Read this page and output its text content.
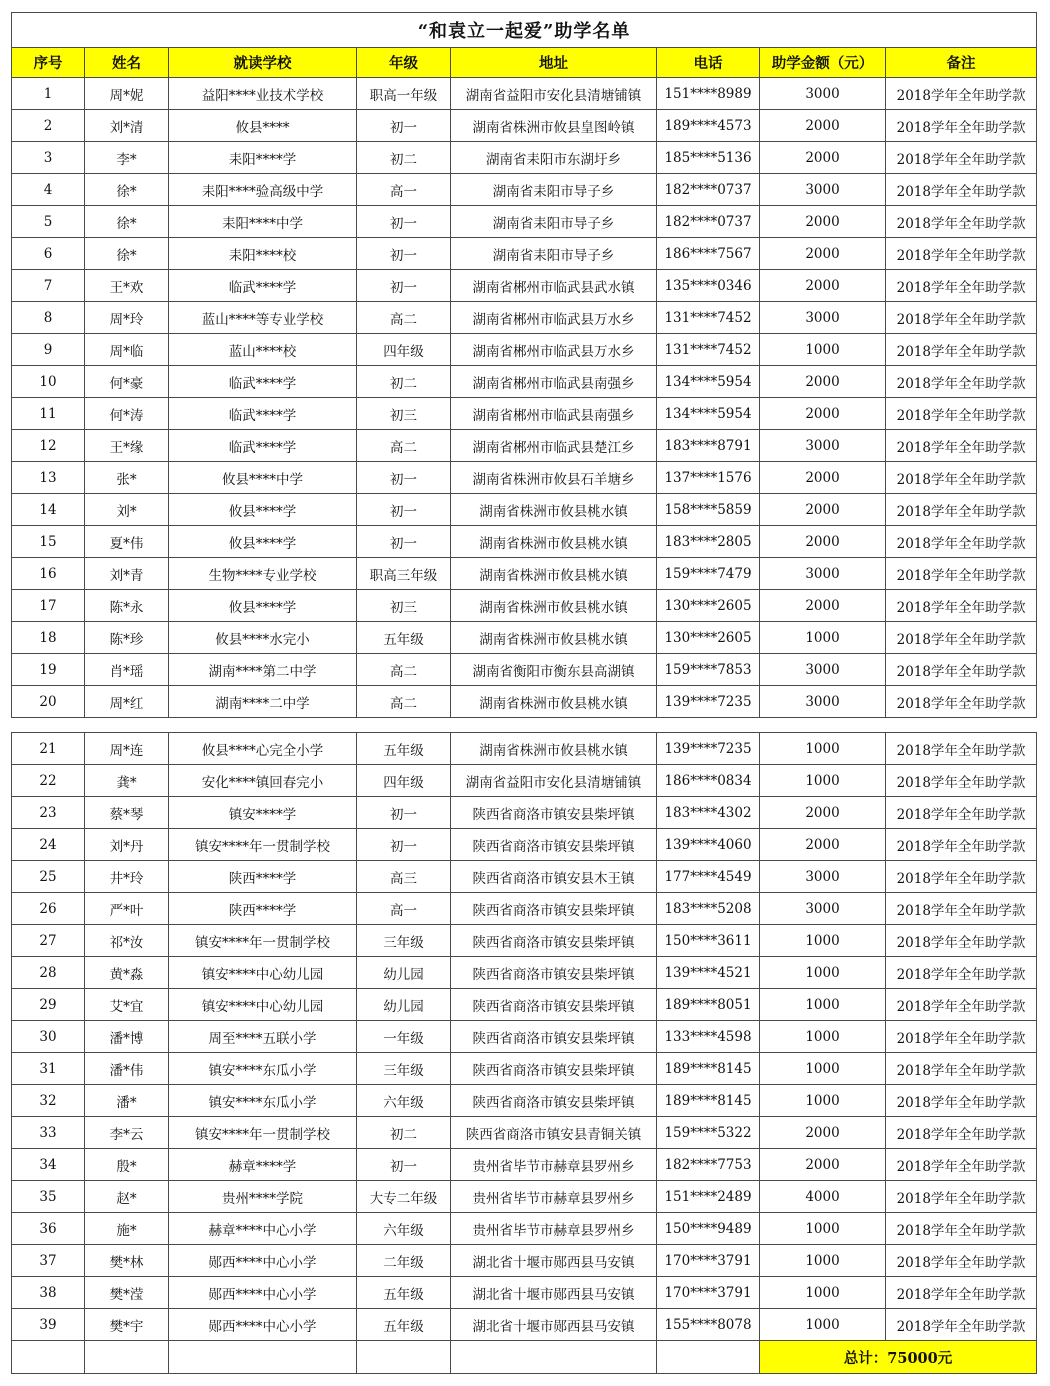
“和袁立一起爱”助学名单							
序号	姓名	就读学校	年级	地址	电话	助学金额（元）	备注
1	周*妮	益阳****业技术学校	职高一年级	湖南省益阳市安化县清塘铺镇	151****8989	3000	2018学年全年助学款
2	刘*清	攸县****	初一	湖南省株洲市攸县皇图岭镇	189****4573	2000	2018学年全年助学款
3	李*	耒阳****学	初二	湖南省耒阳市东湖圩乡	185****5136	2000	2018学年全年助学款
4	徐*	耒阳****验高级中学	高一	湖南省耒阳市导子乡	182****0737	3000	2018学年全年助学款
5	徐*	耒阳****中学	初一	湖南省耒阳市导子乡	182****0737	2000	2018学年全年助学款
6	徐*	耒阳****校	初一	湖南省耒阳市导子乡	186****7567	2000	2018学年全年助学款
7	王*欢	临武****学	初一	湖南省郴州市临武县武水镇	135****0346	2000	2018学年全年助学款
8	周*玲	蓝山****等专业学校	高二	湖南省郴州市临武县万水乡	131****7452	3000	2018学年全年助学款
9	周*临	蓝山****校	四年级	湖南省郴州市临武县万水乡	131****7452	1000	2018学年全年助学款
10	何*豪	临武****学	初二	湖南省郴州市临武县南强乡	134****5954	2000	2018学年全年助学款
11	何*涛	临武****学	初三	湖南省郴州市临武县南强乡	134****5954	2000	2018学年全年助学款
12	王*缘	临武****学	高二	湖南省郴州市临武县楚江乡	183****8791	3000	2018学年全年助学款
13	张*	攸县****中学	初一	湖南省株洲市攸县石羊塘乡	137****1576	2000	2018学年全年助学款
14	刘*	攸县****学	初一	湖南省株洲市攸县桃水镇	158****5859	2000	2018学年全年助学款
15	夏*伟	攸县****学	初一	湖南省株洲市攸县桃水镇	183****2805	2000	2018学年全年助学款
16	刘*青	生物****专业学校	职高三年级	湖南省株洲市攸县桃水镇	159****7479	3000	2018学年全年助学款
17	陈*永	攸县****学	初三	湖南省株洲市攸县桃水镇	130****2605	2000	2018学年全年助学款
18	陈*珍	攸县****水完小	五年级	湖南省株洲市攸县桃水镇	130****2605	1000	2018学年全年助学款
19	肖*瑶	湖南****第二中学	高二	湖南省衡阳市衡东县高湖镇	159****7853	3000	2018学年全年助学款
20	周*红	湖南****二中学	高二	湖南省株洲市攸县桃水镇	139****7235	3000	2018学年全年助学款
21	周*连	攸县****心完全小学	五年级	湖南省株洲市攸县桃水镇	139****7235	1000	2018学年全年助学款
22	龚*	安化****镇回春完小	四年级	湖南省益阳市安化县清塘铺镇	186****0834	1000	2018学年全年助学款
23	蔡*琴	镇安****学	初一	陕西省商洛市镇安县柴坪镇	183****4302	2000	2018学年全年助学款
24	刘*丹	镇安****年一贯制学校	初一	陕西省商洛市镇安县柴坪镇	139****4060	2000	2018学年全年助学款
25	井*玲	陕西****学	高三	陕西省商洛市镇安县木王镇	177****4549	3000	2018学年全年助学款
26	严*叶	陕西****学	高一	陕西省商洛市镇安县柴坪镇	183****5208	3000	2018学年全年助学款
27	祁*汝	镇安****年一贯制学校	三年级	陕西省商洛市镇安县柴坪镇	150****3611	1000	2018学年全年助学款
28	黄*淼	镇安****中心幼儿园	幼儿园	陕西省商洛市镇安县柴坪镇	139****4521	1000	2018学年全年助学款
29	艾*宜	镇安****中心幼儿园	幼儿园	陕西省商洛市镇安县柴坪镇	189****8051	1000	2018学年全年助学款
30	潘*博	周至****五联小学	一年级	陕西省商洛市镇安县柴坪镇	133****4598	1000	2018学年全年助学款
31	潘*伟	镇安****东瓜小学	三年级	陕西省商洛市镇安县柴坪镇	189****8145	1000	2018学年全年助学款
32	潘*	镇安****东瓜小学	六年级	陕西省商洛市镇安县柴坪镇	189****8145	1000	2018学年全年助学款
33	李*云	镇安****年一贯制学校	初二	陕西省商洛市镇安县青铜关镇	159****5322	2000	2018学年全年助学款
34	殷*	赫章****学	初一	贵州省毕节市赫章县罗州乡	182****7753	2000	2018学年全年助学款
35	赵*	贵州****学院	大专二年级	贵州省毕节市赫章县罗州乡	151****2489	4000	2018学年全年助学款
36	施*	赫章****中心小学	六年级	贵州省毕节市赫章县罗州乡	150****9489	1000	2018学年全年助学款
37	樊*林	郧西****中心小学	二年级	湖北省十堰市郧西县马安镇	170****3791	1000	2018学年全年助学款
38	樊*滢	郧西****中心小学	五年级	湖北省十堰市郧西县马安镇	170****3791	1000	2018学年全年助学款
39	樊*宇	郧西****中心小学	五年级	湖北省十堰市郧西县马安镇	155****8078	1000	2018学年全年助学款
						总计：75000元	
